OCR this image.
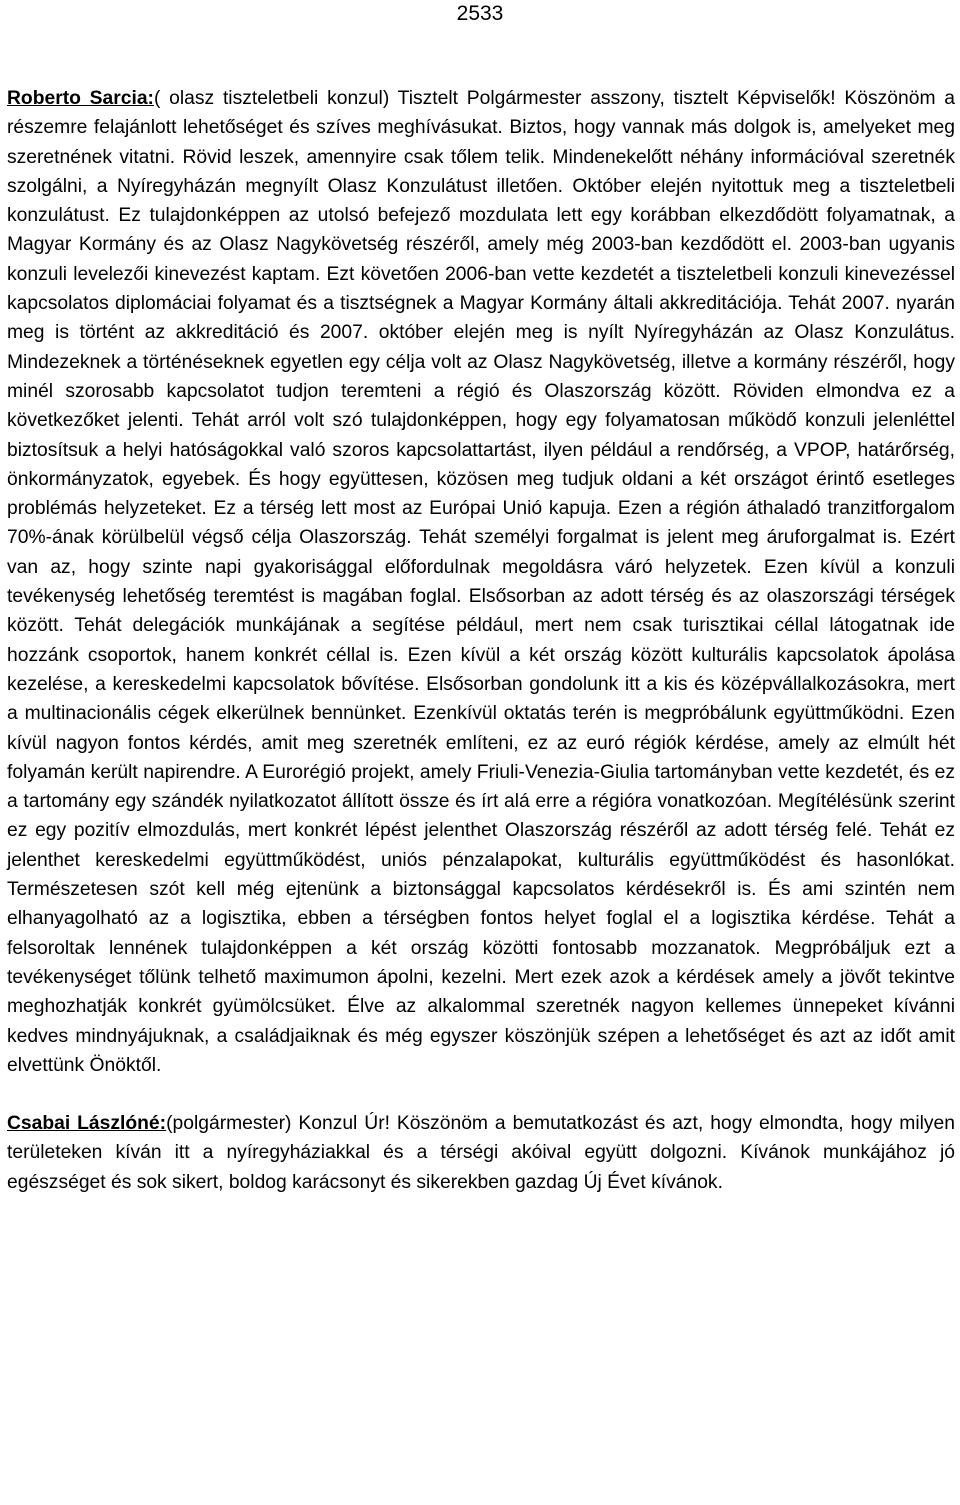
2533

Roberto Sarcia:( olasz tiszteletbeli konzul) Tisztelt Polgármester asszony, tisztelt Képviselők! Köszönöm a részemre felajánlott lehetőséget és szíves meghívásukat. Biztos, hogy vannak más dolgok is, amelyeket meg szeretnének vitatni. Rövid leszek, amennyire csak tőlem telik. Mindenekelőtt néhány információval szeretnék szolgálni, a Nyíregyházán megnyílt Olasz Konzulátust illetően. Október elején nyitottuk meg a tiszteletbeli konzulátust. Ez tulajdonképpen az utolsó befejező mozdulata lett egy korábban elkezdődött folyamatnak, a Magyar Kormány és az Olasz Nagykövetség részéről, amely még 2003-ban kezdődött el. 2003-ban ugyanis konzuli levelezői kinevezést kaptam. Ezt követően 2006-ban vette kezdetét a tiszteletbeli konzuli kinevezéssel kapcsolatos diplomáciai folyamat és a tisztségnek a Magyar Kormány általi akkreditációja. Tehát 2007. nyarán meg is történt az akkreditáció és 2007. október elején meg is nyílt Nyíregyházán az Olasz Konzulátus. Mindezeknek a történéseknek egyetlen egy célja volt az Olasz Nagykövetség, illetve a kormány részéről, hogy minél szorosabb kapcsolatot tudjon teremteni a régió és Olaszország között. Röviden elmondva ez a következőket jelenti. Tehát arról volt szó tulajdonképpen, hogy egy folyamatosan működő konzuli jelenléttel biztosítsuk a helyi hatóságokkal való szoros kapcsolattartást, ilyen például a rendőrség, a VPOP, határőrség, önkormányzatok, egyebek. És hogy együttesen, közösen meg tudjuk oldani a két országot érintő esetleges problémás helyzeteket. Ez a térség lett most az Európai Unió kapuja. Ezen a régión áthaladó tranzitforgalom 70%-ának körülbelül végső célja Olaszország. Tehát személyi forgalmat is jelent meg áruforgalmat is. Ezért van az, hogy szinte napi gyakorisággal előfordulnak megoldásra váró helyzetek. Ezen kívül a konzuli tevékenység lehetőség teremtést is magában foglal. Elsősorban az adott térség és az olaszországi térségek között. Tehát delegációk munkájának a segítése például, mert nem csak turisztikai céllal látogatnak ide hozzánk csoportok, hanem konkrét céllal is. Ezen kívül a két ország között kulturális kapcsolatok ápolása kezelése, a kereskedelmi kapcsolatok bővítése. Elsősorban gondolunk itt a kis és középvállalkozásokra, mert a multinacionális cégek elkerülnek bennünket. Ezenkívül oktatás terén is megpróbálunk együttműködni. Ezen kívül nagyon fontos kérdés, amit meg szeretnék említeni, ez az euró régiók kérdése, amely az elmúlt hét folyamán került napirendre. A Eurorégió projekt, amely Friuli-Venezia-Giulia tartományban vette kezdetét, és ez a tartomány egy szándék nyilatkozatot állított össze és írt alá erre a régióra vonatkozóan. Megítélésünk szerint ez egy pozitív elmozdulás, mert konkrét lépést jelenthet Olaszország részéről az adott térség felé. Tehát ez jelenthet kereskedelmi együttműködést, uniós pénzalapokat, kulturális együttműködést és hasonlókat. Természetesen szót kell még ejtenünk a biztonsággal kapcsolatos kérdésekről is. És ami szintén nem elhanyagolható az a logisztika, ebben a térségben fontos helyet foglal el a logisztika kérdése. Tehát a felsoroltak lennének tulajdonképpen a két ország közötti fontosabb mozzanatok. Megpróbáljuk ezt a tevékenységet tőlünk telhető maximumon ápolni, kezelni. Mert ezek azok a kérdések amely a jövőt tekintve meghozhatják konkrét gyümölcsüket. Élve az alkalommal szeretnék nagyon kellemes ünnepeket kívánni kedves mindnyájuknak, a családjaiknak és még egyszer köszönjük szépen a lehetőséget és azt az időt amit elvettünk Önöktől.

Csabai Lászlóné:(polgármester) Konzul Úr! Köszönöm a bemutatkozást és azt, hogy elmondta, hogy milyen területeken kíván itt a nyíregyháziakkal és a térségi akóival együtt dolgozni. Kívánok munkájához jó egészséget és sok sikert, boldog karácsonyt és sikerekben gazdag Új Évet kívánok.
